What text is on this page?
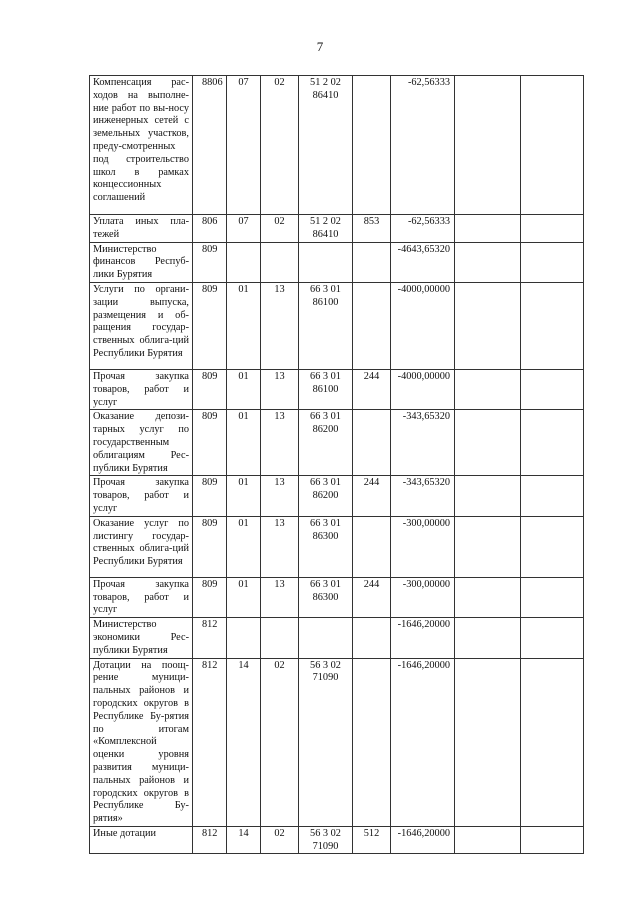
7
Компенсация рас-ходов на выполне-ние работ по вы-носу инженерных сетей с земельных участков, преду-смотренных под строительство школ в рамках концессионных соглашений	8806	07	02	51 2 02 86410		-62,56333		
Уплата иных пла-тежей	806	07	02	51 2 02 86410	853	-62,56333		
Министерство финансов Респуб-лики Бурятия	809					-4643,65320		
Услуги по органи-зации выпуска, размещения и об-ращения государ-ственных облига-ций Республики Бурятия	809	01	13	66 3 01 86100		-4000,00000		
Прочая закупка товаров, работ и услуг	809	01	13	66 3 01 86100	244	-4000,00000		
Оказание депози-тарных услуг по государственным облигациям Рес-публики Бурятия	809	01	13	66 3 01 86200		-343,65320		
Прочая закупка товаров, работ и услуг	809	01	13	66 3 01 86200	244	-343,65320		
Оказание услуг по листингу государ-ственных облига-ций Республики Бурятия	809	01	13	66 3 01 86300		-300,00000		
Прочая закупка товаров, работ и услуг	809	01	13	66 3 01 86300	244	-300,00000		
Министерство экономики Рес-публики Бурятия	812					-1646,20000		
Дотации на поощ-рение муници-пальных районов и городских округов в Республике Бу-рятия по итогам «Комплексной оценки уровня развития муници-пальных районов и городских округов в Республике Бу-рятия»	812	14	02	56 3 02 71090		-1646,20000		
Иные дотации	812	14	02	56 3 02 71090	512	-1646,20000		
